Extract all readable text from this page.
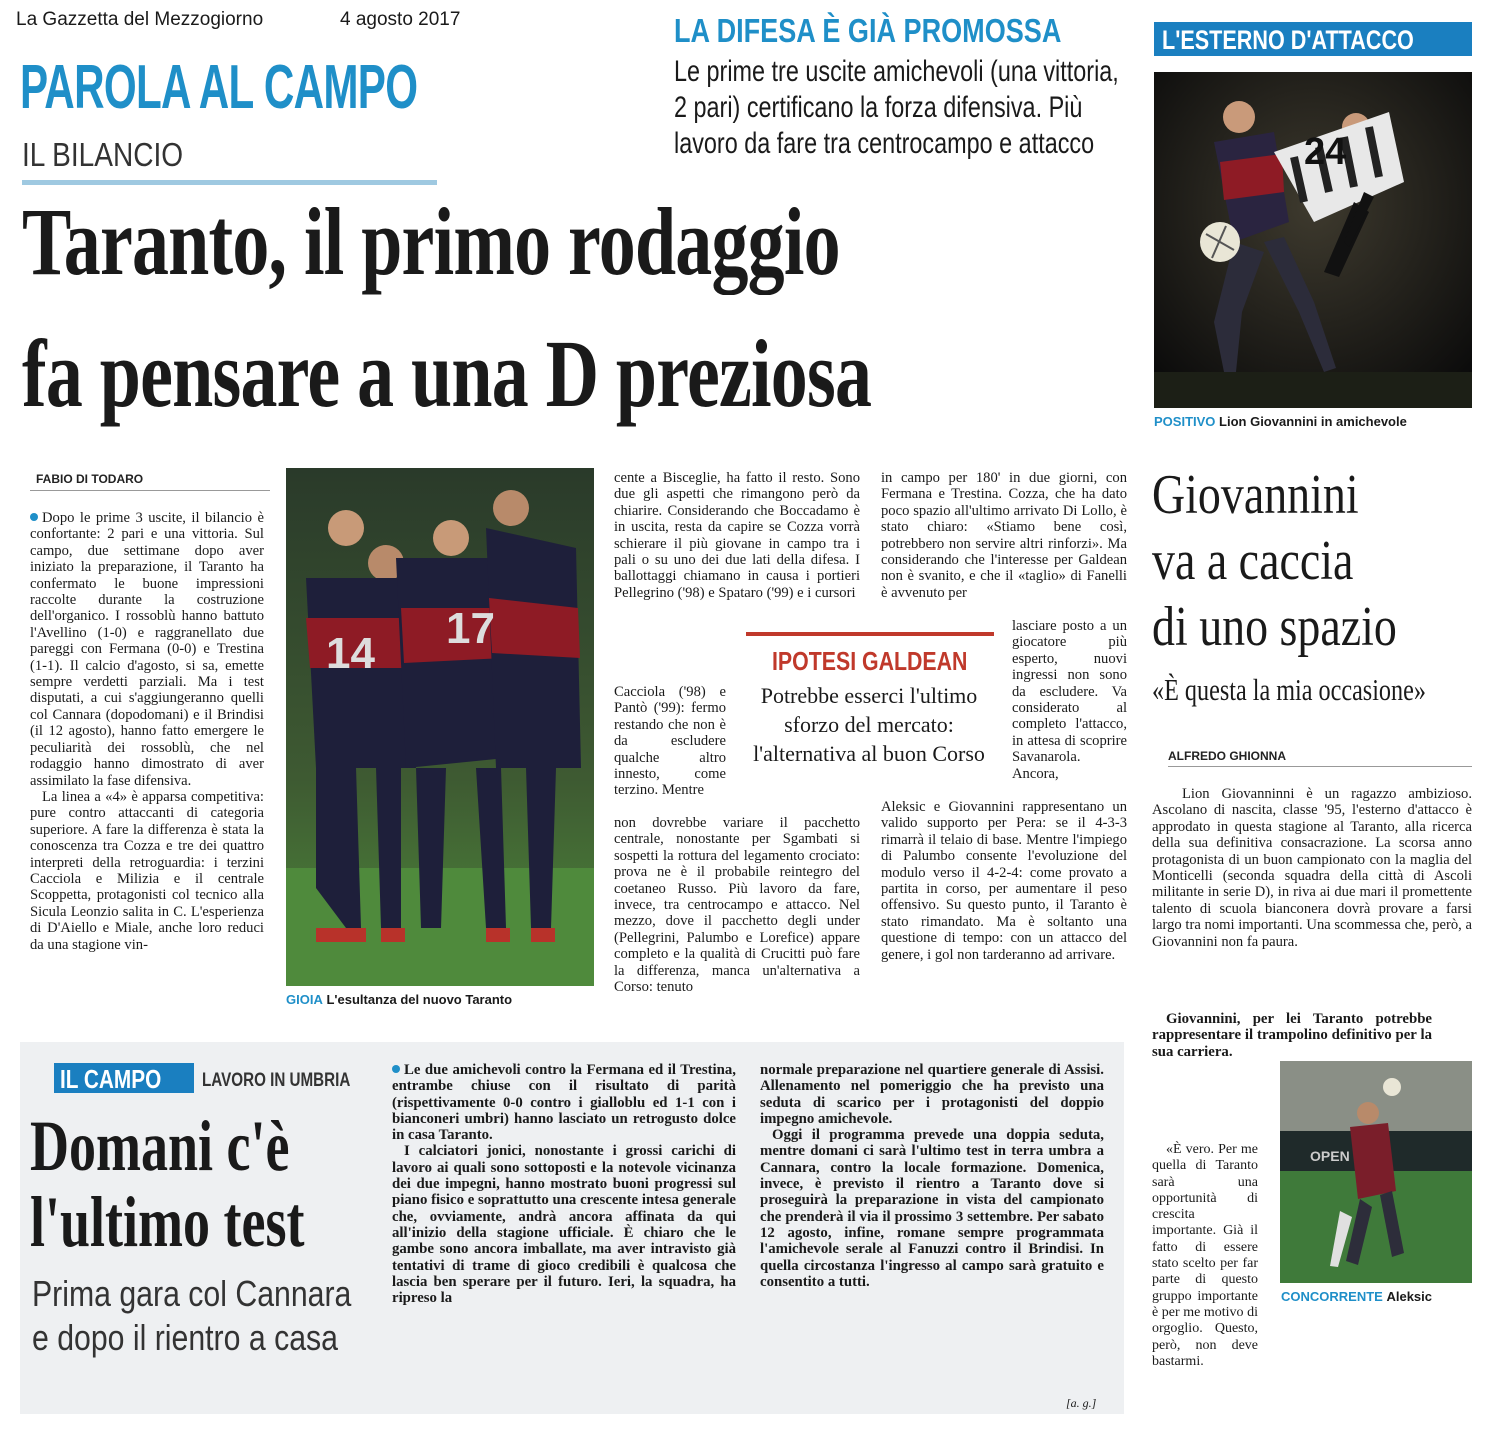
La Gazzetta del Mezzogiorno	4 agosto 2017
PAROLA AL CAMPO
IL BILANCIO
Taranto, il primo rodaggio
fa pensare a una D preziosa
LA DIFESA È GIÀ PROMOSSA
Le prime tre uscite amichevoli (una vittoria,
2 pari) certificano la forza difensiva. Più
lavoro da fare tra centrocampo e attacco
L'ESTERNO D'ATTACCO
24
POSITIVO Lion Giovannini in amichevole
Giovannini
va a caccia
di uno spazio
«È questa la mia occasione»
ALFREDO GHIONNA

Lion Giovanninni è un ragazzo ambizioso. Ascolano di nascita, classe '95, l'esterno d'attacco è approdato in questa stagione al Taranto, alla ricerca della sua definitiva consacrazione. La scorsa anno protagonista di un buon campionato con la maglia del Monticelli (seconda squadra della città di Ascoli militante in serie D), in riva ai due mari il promettente talento di scuola bianconera dovrà provare a farsi largo tra nomi importanti. Una scommessa che, però, a Giovannini non fa paura.

Giovannini, per lei Taranto potrebbe rappresentare il trampolino definitivo per la sua carriera.

«È vero. Per me quella di Taranto sarà una opportunità di crescita importante. Già il fatto di essere stato scelto per far parte di questo gruppo importante è per me motivo di orgoglio. Questo, però, non deve bastarmi.

OPEN
CONCORRENTE Aleksic
FABIO DI TODARO

Dopo le prime 3 uscite, il bilancio è confortante: 2 pari e una vittoria. Sul campo, due settimane dopo aver iniziato la preparazione, il Taranto ha confermato le buone impressioni raccolte durante la costruzione dell'organico. I rossoblù hanno battuto l'Avellino (1-0) e raggranellato due pareggi con Fermana (0-0) e Trestina (1-1). Il calcio d'agosto, si sa, emette sempre verdetti parziali. Ma i test disputati, a cui s'aggiungeranno quelli col Cannara (dopodomani) e il Brindisi (il 12 agosto), hanno fatto emergere le peculiarità dei rossoblù, che nel rodaggio hanno dimostrato di aver assimilato la fase difensiva.

La linea a «4» è apparsa competitiva: pure contro attaccanti di categoria superiore. A fare la differenza è stata la conoscenza tra Cozza e tre dei quattro interpreti della retroguardia: i terzini Cacciola e Milizia e il centrale Scoppetta, protagonisti col tecnico alla Sicula Leonzio salita in C. L'esperienza di D'Aiello e Miale, anche loro reduci da una stagione vin-

14
17
GIOIA L'esultanza del nuovo Taranto

cente a Bisceglie, ha fatto il resto. Sono due gli aspetti che rimangono però da chiarire. Considerando che Boccadamo è in uscita, resta da capire se Cozza vorrà schierare il più giovane in campo tra i pali o su uno dei due lati della difesa. I ballottaggi chiamano in causa i portieri Pellegrino ('98) e Spataro ('99) e i cursori

Cacciola ('98) e Pantò ('99): fermo restando che non è da escludere qualche altro innesto, come terzino. Mentre

non dovrebbe variare il pacchetto centrale, nonostante per Sgambati si sospetti la rottura del legamento crociato: prova ne è il probabile reintegro del coetaneo Russo. Più lavoro da fare, invece, tra centrocampo e attacco. Nel mezzo, dove il pacchetto degli under (Pellegrini, Palumbo e Lorefice) appare completo e la qualità di Crucitti può fare la differenza, manca un'alternativa a Corso: tenuto

in campo per 180' in due giorni, con Fermana e Trestina. Cozza, che ha dato poco spazio all'ultimo arrivato Di Lollo, è stato chiaro: «Stiamo bene così, potrebbero non servire altri rinforzi». Ma considerando che l'interesse per Galdean non è svanito, e che il «taglio» di Fanelli è avvenuto per

lasciare posto a un giocatore più esperto, nuovi ingressi non sono da escludere. Va considerato al completo l'attacco, in attesa di scoprire Savanarola. Ancora,

Aleksic e Giovannini rappresentano un valido supporto per Pera: se il 4-3-3 rimarrà il telaio di base. Mentre l'impiego di Palumbo consente l'evoluzione del modulo verso il 4-2-4: come provato a partita in corso, per aumentare il peso offensivo. Su questo punto, il Taranto è stato rimandato. Ma è soltanto una questione di tempo: con un attacco del genere, i gol non tarderanno ad arrivare.

IPOTESI GALDEAN
Potrebbe esserci l'ultimo
sforzo del mercato:
l'alternativa al buon Corso
IL CAMPO LAVORO IN UMBRIA
Domani c'è
l'ultimo test
Prima gara col Cannara
e dopo il rientro a casa

Le due amichevoli contro la Fermana ed il Trestina, entrambe chiuse con il risultato di parità (rispettivamente 0-0 contro i gialloblu ed 1-1 con i bianconeri umbri) hanno lasciato un retrogusto dolce in casa Taranto.

I calciatori jonici, nonostante i grossi carichi di lavoro ai quali sono sottoposti e la notevole vicinanza dei due impegni, hanno mostrato buoni progressi sul piano fisico e soprattutto una crescente intesa generale che, ovviamente, andrà ancora affinata da qui all'inizio della stagione ufficiale. È chiaro che le gambe sono ancora imballate, ma aver intravisto già tentativi di trame di gioco credibili è qualcosa che lascia ben sperare per il futuro. Ieri, la squadra, ha ripreso la

normale preparazione nel quartiere generale di Assisi. Allenamento nel pomeriggio che ha previsto una seduta di scarico per i protagonisti del doppio impegno amichevole.

Oggi il programma prevede una doppia seduta, mentre domani ci sarà l'ultimo test in terra umbra a Cannara, contro la locale formazione. Domenica, invece, è previsto il rientro a Taranto dove si proseguirà la preparazione in vista del campionato che prenderà il via il prossimo 3 settembre. Per sabato 12 agosto, infine, romane sempre programmata l'amichevole serale al Fanuzzi contro il Brindisi. In quella circostanza l'ingresso al campo sarà gratuito e consentito a tutti.

[a. g.]
